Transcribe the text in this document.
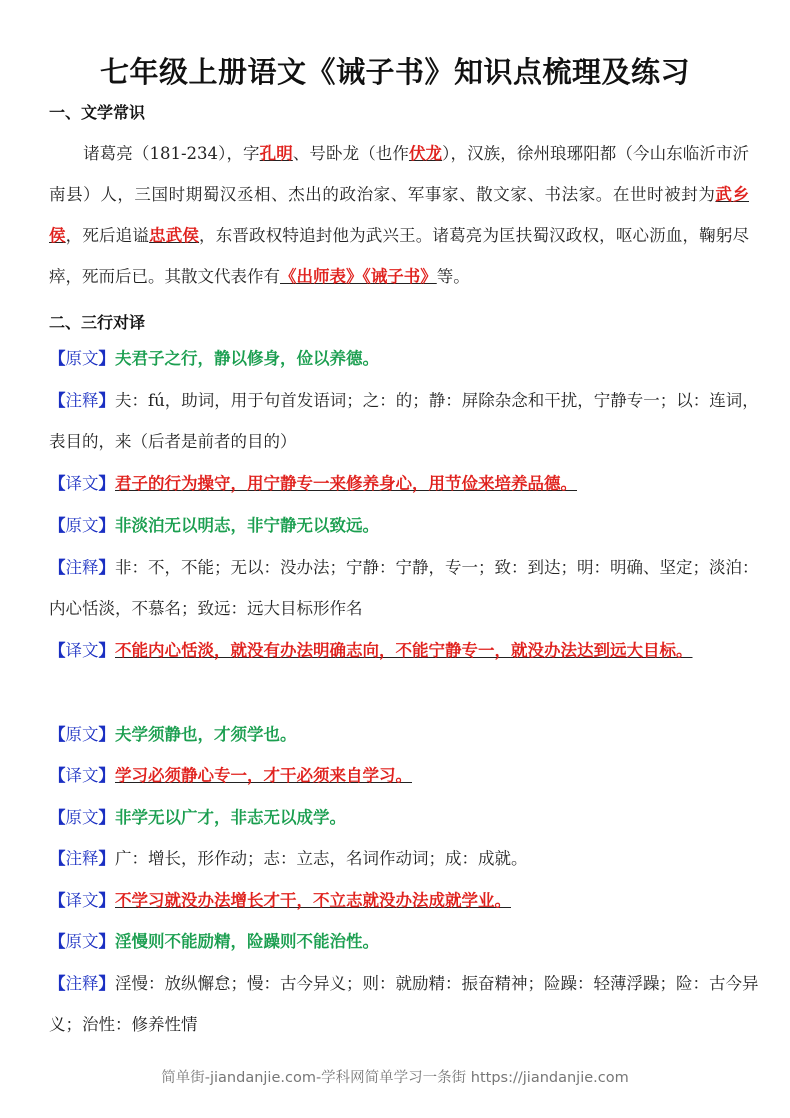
七年级上册语文《诫子书》知识点梳理及练习
一、文学常识
诸葛亮（181-234），字孔明、号卧龙（也作伏龙），汉族，徐州琅琊阳都（今山东临沂市沂南县）人，三国时期蜀汉丞相、杰出的政治家、军事家、散文家、书法家。在世时被封为武乡侯，死后追谥忠武侯，东晋政权特追封他为武兴王。诸葛亮为匡扶蜀汉政权，呕心沥血，鞠躬尽瘁，死而后已。其散文代表作有《出师表》《诫子书》等。
二、三行对译
【原文】夫君子之行，静以修身，俭以养德。
【注释】夫：fú，助词，用于句首发语词；之：的；静：屏除杂念和干扰，宁静专一；以：连词，表目的，来（后者是前者的目的）
【译文】君子的行为操守，用宁静专一来修养身心，用节俭来培养品德。
【原文】非淡泊无以明志，非宁静无以致远。
【注释】非：不，不能；无以：没办法；宁静：宁静，专一；致：到达；明：明确、坚定；淡泊：内心恬淡，不慕名；致远：远大目标形作名
【译文】不能内心恬淡，就没有办法明确志向，不能宁静专一，就没办法达到远大目标。
【原文】夫学须静也，才须学也。
【译文】学习必须静心专一，才干必须来自学习。
【原文】非学无以广才，非志无以成学。
【注释】广：增长，形作动；志：立志，名词作动词；成：成就。
【译文】不学习就没办法增长才干，不立志就没办法成就学业。
【原文】淫慢则不能励精，险躁则不能治性。
【注释】淫慢：放纵懈怠；慢：古今异义；则：就励精：振奋精神；险躁：轻薄浮躁；险：古今异义；治性：修养性情
简单街-jiandanjie.com-学科网简单学习一条街 https://jiandanjie.com
